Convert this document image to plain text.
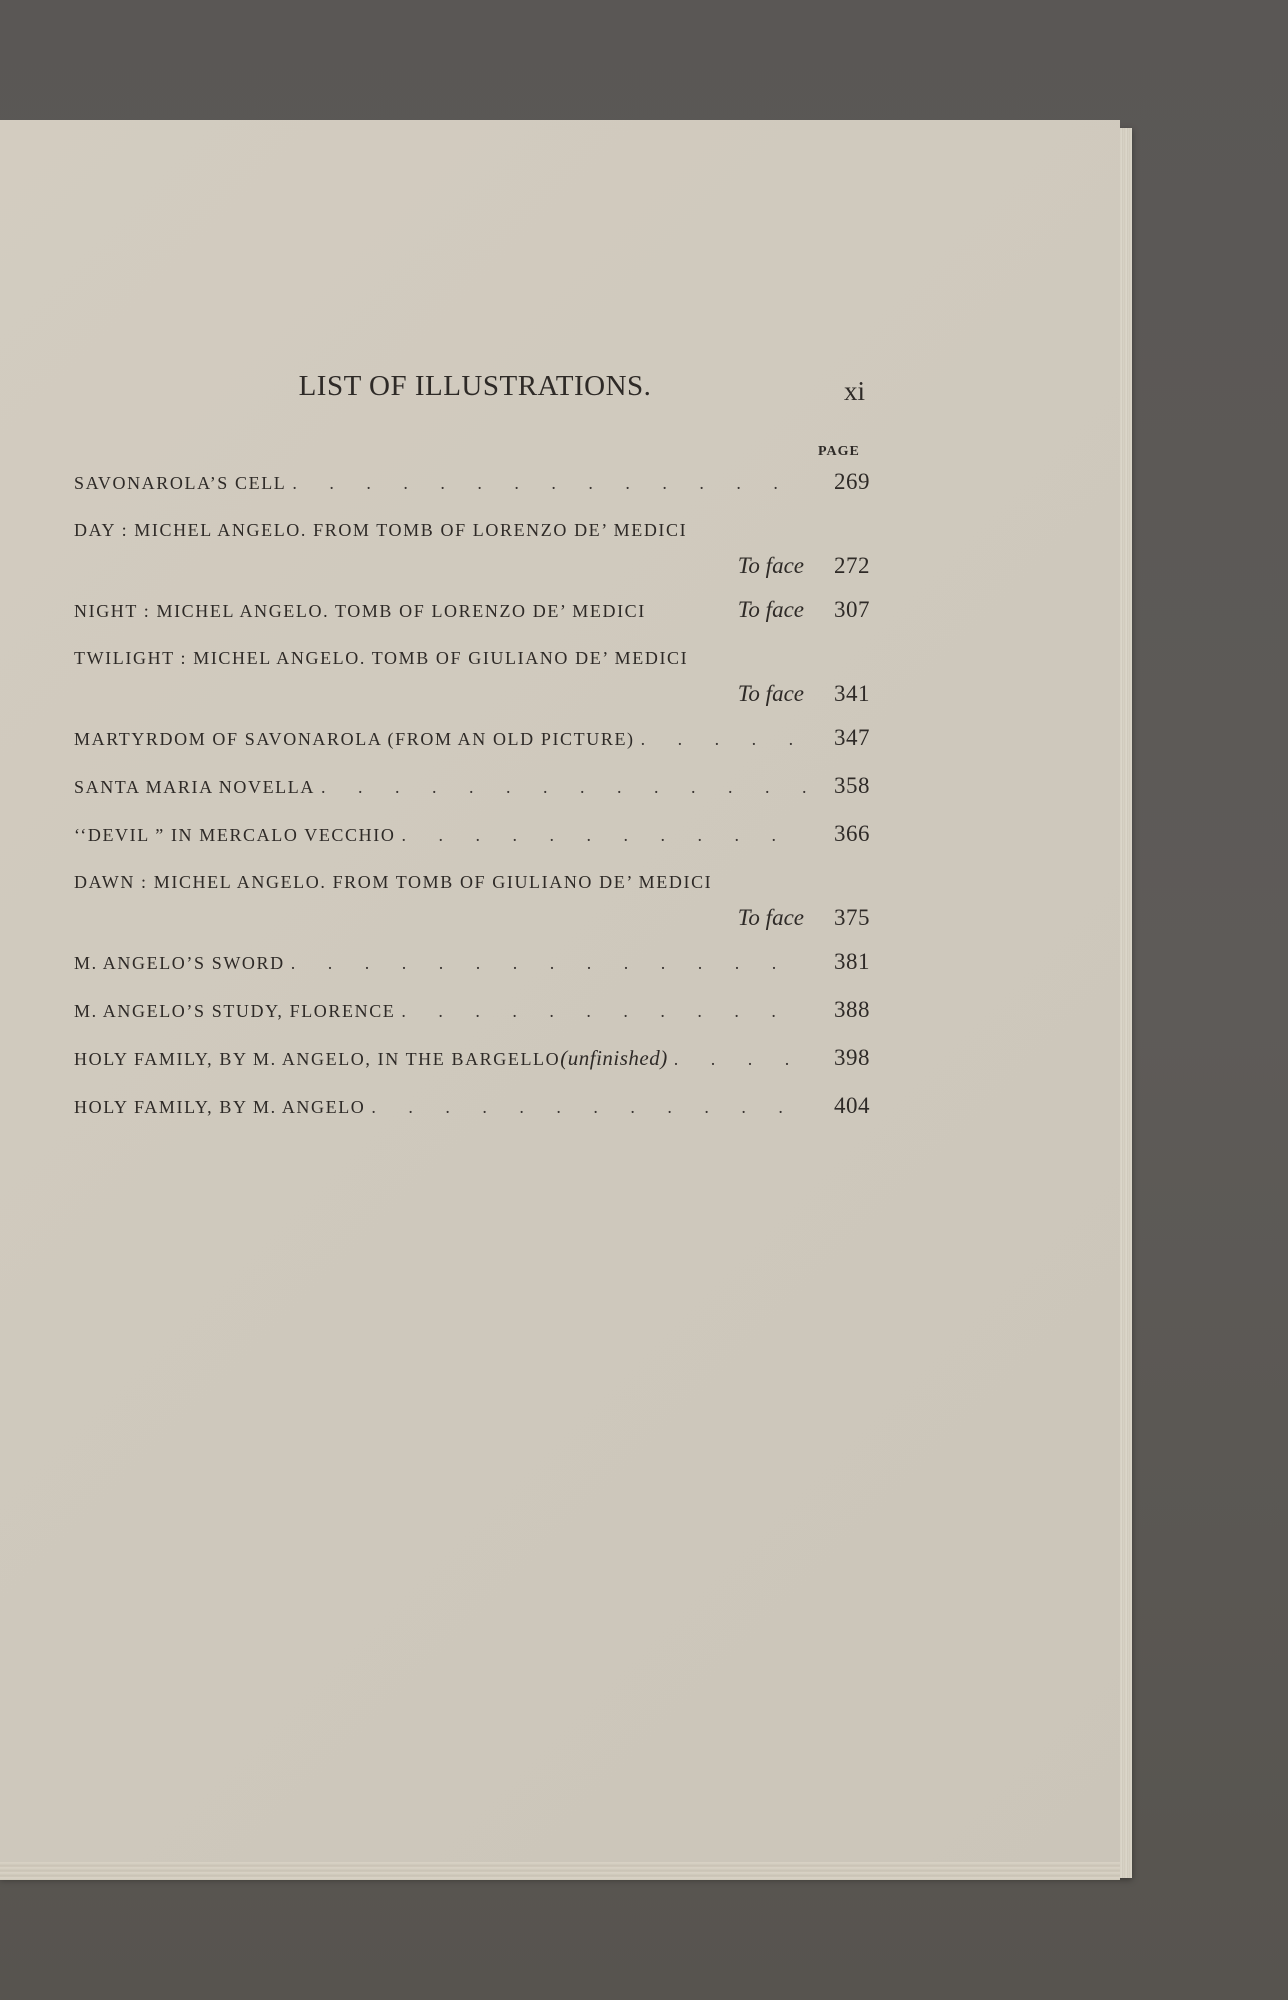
LIST OF ILLUSTRATIONS.	xi
PAGE
SAVONAROLA’S CELL . . .	269
DAY : MICHEL ANGELO. FROM TOMB OF LORENZO DE’ MEDICI
To face	272
NIGHT : MICHEL ANGELO. TOMB OF LORENZO DE’ MEDICI	To face	307
TWILIGHT : MICHEL ANGELO. TOMB OF GIULIANO DE’ MEDICI
To face	341
MARTYRDOM OF SAVONAROLA (FROM AN OLD PICTURE) . . .	347
SANTA MARIA NOVELLA . . .	358
‘‘DEVIL ” IN MERCALO VECCHIO . . .	366
DAWN : MICHEL ANGELO. FROM TOMB OF GIULIANO DE’ MEDICI
To face	375
M. ANGELO’S SWORD . . .	381
M. ANGELO’S STUDY, FLORENCE . . .	388
HOLY FAMILY, BY M. ANGELO, IN THE BARGELLO (unfinished) . . .	398
HOLY FAMILY, BY M. ANGELO . . .	404
